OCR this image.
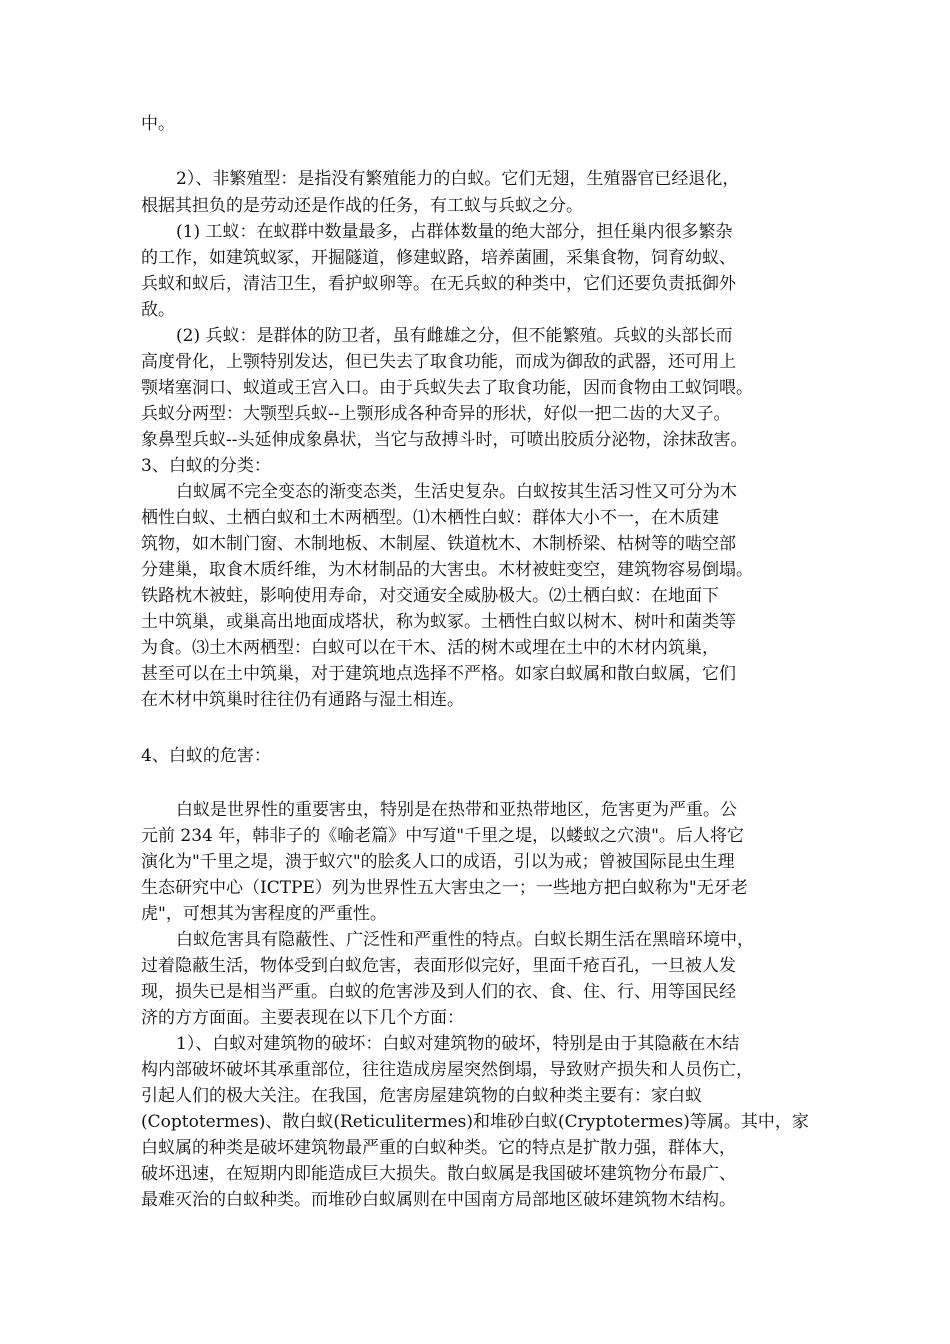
中。
2）、非繁殖型：是指没有繁殖能力的白蚁。它们无翅，生殖器官已经退化，
根据其担负的是劳动还是作战的任务，有工蚁与兵蚁之分。
(1) 工蚁：在蚁群中数量最多，占群体数量的绝大部分，担任巢内很多繁杂
的工作，如建筑蚁冢，开掘隧道，修建蚁路，培养菌圃，采集食物，饲育幼蚁、
兵蚁和蚁后，清洁卫生，看护蚁卵等。在无兵蚁的种类中，它们还要负责抵御外
敌。
(2) 兵蚁：是群体的防卫者，虽有雌雄之分，但不能繁殖。兵蚁的头部长而
高度骨化，上颚特别发达，但已失去了取食功能，而成为御敌的武器，还可用上
颚堵塞洞口、蚁道或王宫入口。由于兵蚁失去了取食功能，因而食物由工蚁饲喂。
兵蚁分两型：大颚型兵蚁--上颚形成各种奇异的形状，好似一把二齿的大叉子。
象鼻型兵蚁--头延伸成象鼻状，当它与敌搏斗时，可喷出胶质分泌物，涂抹敌害。
3、白蚁的分类：
白蚁属不完全变态的渐变态类，生活史复杂。白蚁按其生活习性又可分为木
栖性白蚁、土栖白蚁和土木两栖型。⑴木栖性白蚁：群体大小不一，在木质建
筑物，如木制门窗、木制地板、木制屋、铁道枕木、木制桥梁、枯树等的啮空部
分建巢，取食木质纤维，为木材制品的大害虫。木材被蛀变空，建筑物容易倒塌。
铁路枕木被蛀，影响使用寿命，对交通安全威胁极大。⑵土栖白蚁：在地面下
土中筑巢，或巢高出地面成塔状，称为蚁冢。土栖性白蚁以树木、树叶和菌类等
为食。⑶土木两栖型：白蚁可以在干木、活的树木或埋在土中的木材内筑巢，
甚至可以在土中筑巢，对于建筑地点选择不严格。如家白蚁属和散白蚁属，它们
在木材中筑巢时往往仍有通路与湿土相连。
4、白蚁的危害：
白蚁是世界性的重要害虫，特别是在热带和亚热带地区，危害更为严重。公
元前 234 年，韩非子的《喻老篇》中写道"千里之堤，以蝼蚁之穴溃"。后人将它
演化为"千里之堤，溃于蚁穴"的脍炙人口的成语，引以为戒；曾被国际昆虫生理
生态研究中心（ICTPE）列为世界性五大害虫之一；一些地方把白蚁称为"无牙老
虎"，可想其为害程度的严重性。
白蚁危害具有隐蔽性、广泛性和严重性的特点。白蚁长期生活在黑暗环境中，
过着隐蔽生活，物体受到白蚁危害，表面形似完好，里面千疮百孔，一旦被人发
现，损失已是相当严重。白蚁的危害涉及到人们的衣、食、住、行、用等国民经
济的方方面面。主要表现在以下几个方面：
1）、白蚁对建筑物的破坏：白蚁对建筑物的破坏，特别是由于其隐蔽在木结
构内部破坏破坏其承重部位，往往造成房屋突然倒塌，导致财产损失和人员伤亡，
引起人们的极大关注。在我国，危害房屋建筑物的白蚁种类主要有：家白蚁
(Coptotermes)、散白蚁(Reticulitermes)和堆砂白蚁(Cryptotermes)等属。其中，家
白蚁属的种类是破坏建筑物最严重的白蚁种类。它的特点是扩散力强，群体大，
破坏迅速，在短期内即能造成巨大损失。散白蚁属是我国破坏建筑物分布最广、
最难灭治的白蚁种类。而堆砂白蚁属则在中国南方局部地区破坏建筑物木结构。
